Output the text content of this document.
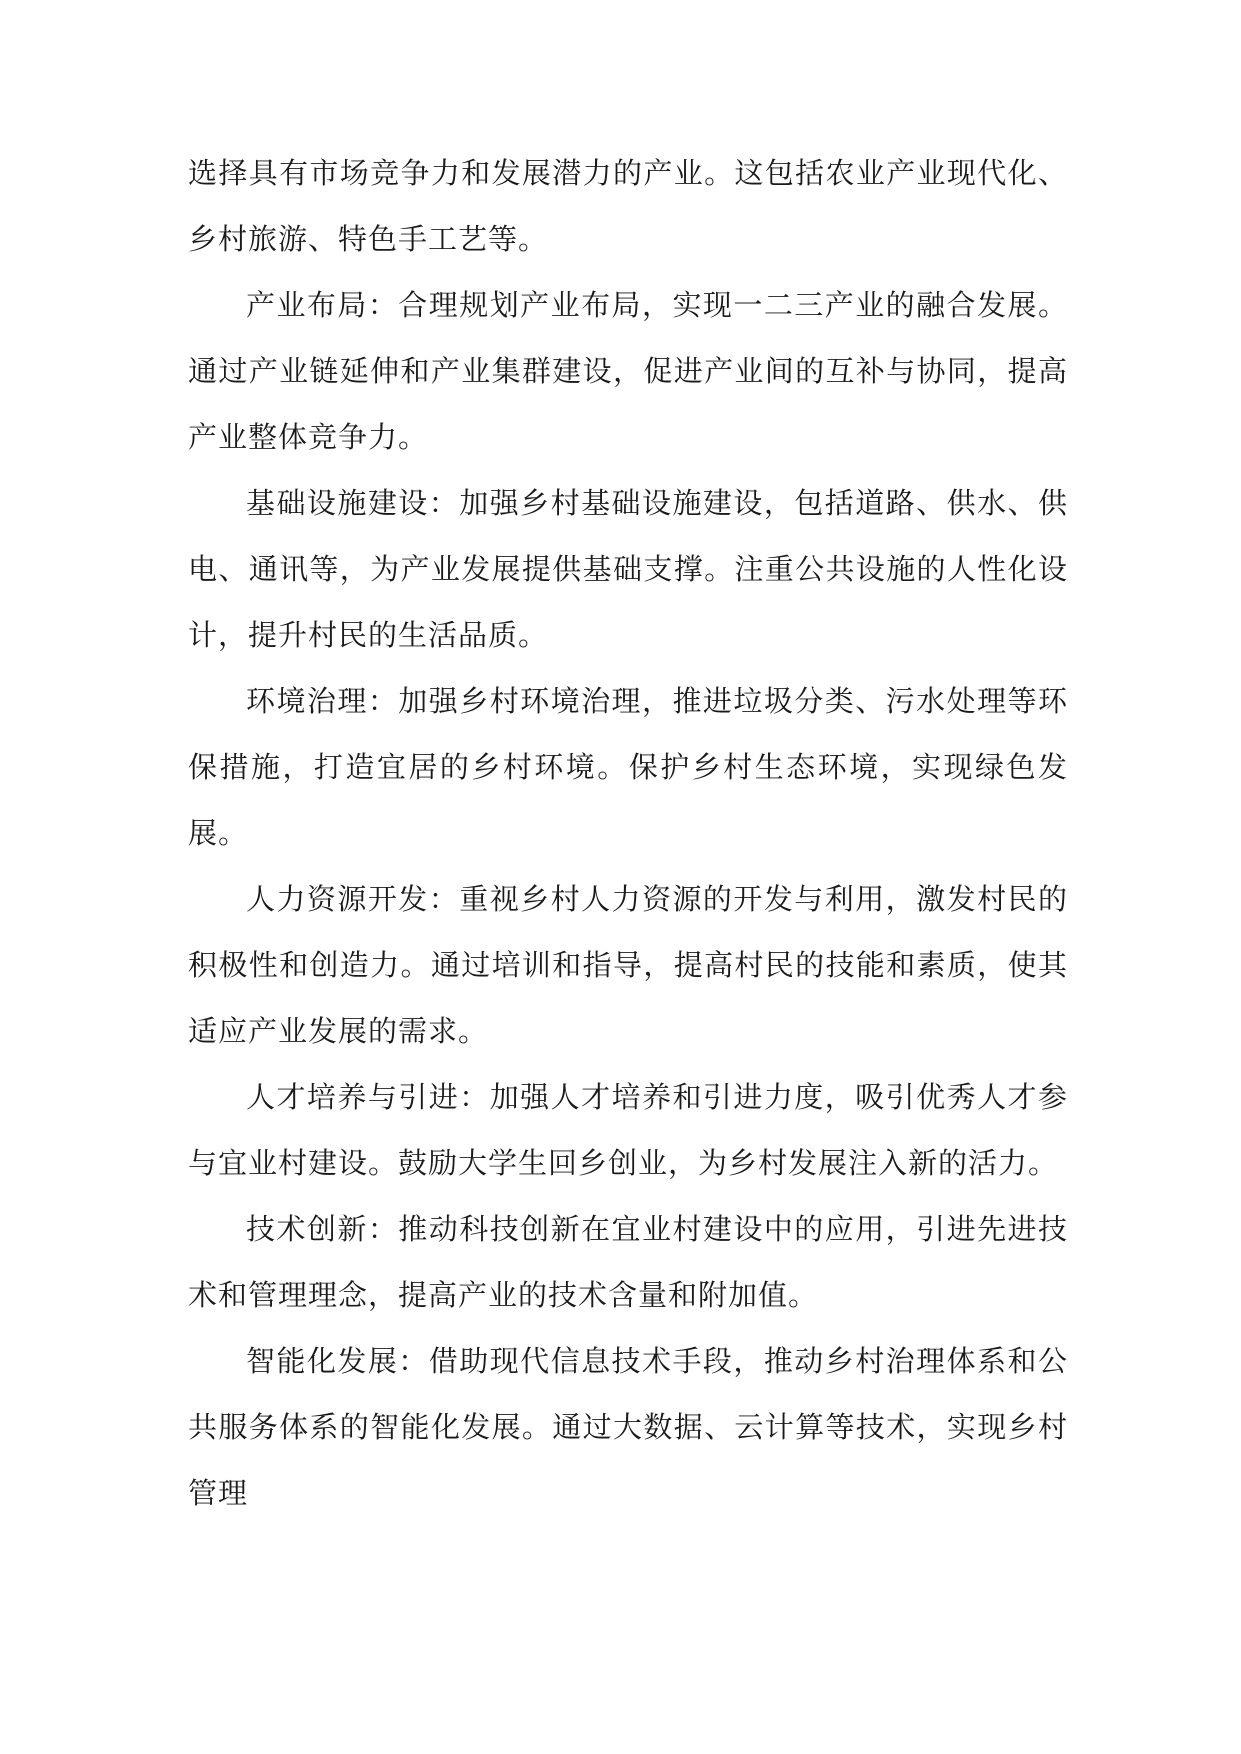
选择具有市场竞争力和发展潜力的产业。这包括农业产业现代化、乡村旅游、特色手工艺等。

产业布局：合理规划产业布局，实现一二三产业的融合发展。通过产业链延伸和产业集群建设，促进产业间的互补与协同，提高产业整体竞争力。

基础设施建设：加强乡村基础设施建设，包括道路、供水、供电、通讯等，为产业发展提供基础支撑。注重公共设施的人性化设计，提升村民的生活品质。

环境治理：加强乡村环境治理，推进垃圾分类、污水处理等环保措施，打造宜居的乡村环境。保护乡村生态环境，实现绿色发展。

人力资源开发：重视乡村人力资源的开发与利用，激发村民的积极性和创造力。通过培训和指导，提高村民的技能和素质，使其适应产业发展的需求。

人才培养与引进：加强人才培养和引进力度，吸引优秀人才参与宜业村建设。鼓励大学生回乡创业，为乡村发展注入新的活力。

技术创新：推动科技创新在宜业村建设中的应用，引进先进技术和管理理念，提高产业的技术含量和附加值。

智能化发展：借助现代信息技术手段，推动乡村治理体系和公共服务体系的智能化发展。通过大数据、云计算等技术，实现乡村管理
